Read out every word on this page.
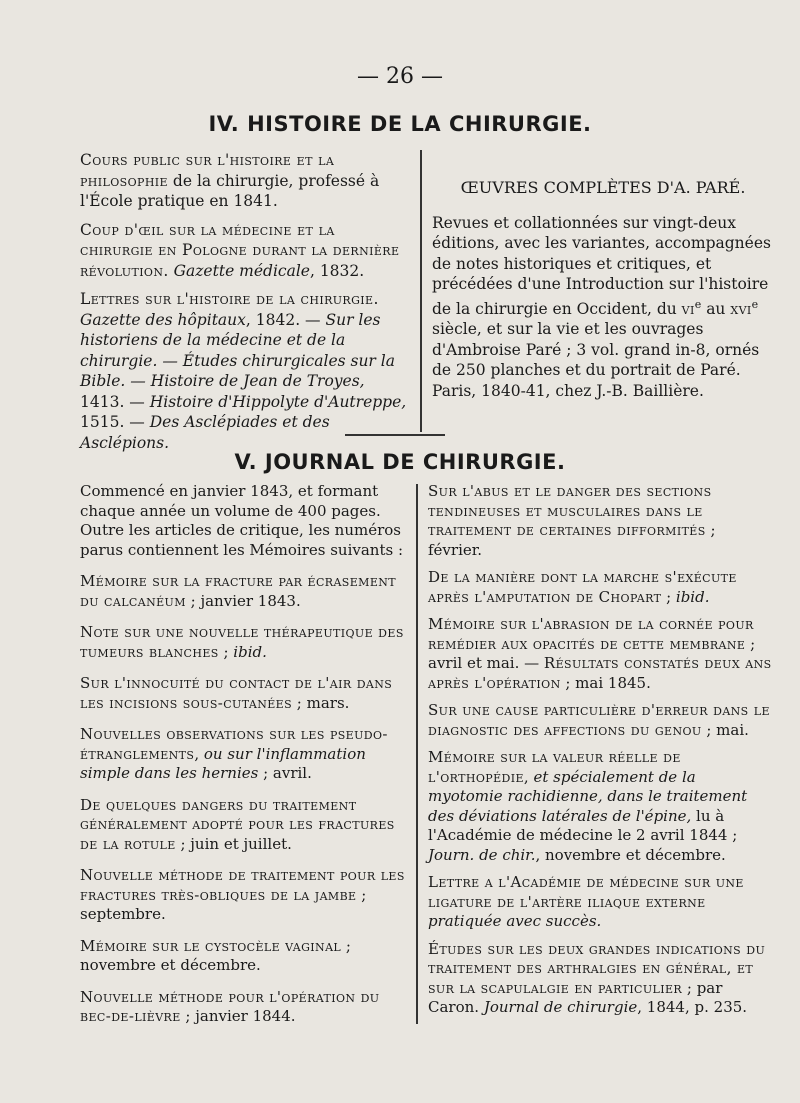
— 26 —
IV. HISTOIRE DE LA CHIRURGIE.

Cours public sur l'histoire et la philosophie de la chirurgie, professé à l'École pratique en 1841.

Coup d'œil sur la médecine et la chirurgie en Pologne durant la dernière révolution. Gazette médicale, 1832.

Lettres sur l'histoire de la chirurgie. Gazette des hôpitaux, 1842. — Sur les historiens de la médecine et de la chirurgie. — Études chirurgicales sur la Bible. — Histoire de Jean de Troyes, 1413. — Histoire d'Hippolyte d'Autreppe, 1515. — Des Asclépiades et des Asclépions.

ŒUVRES COMPLÈTES D'A. PARÉ.

Revues et collationnées sur vingt-deux éditions, avec les variantes, accompagnées de notes historiques et critiques, et précédées d'une Introduction sur l'histoire de la chirurgie en Occident, du $vi^e$ au xvi$^e$ siècle, et sur la vie et les ouvrages d'Ambroise Paré ; 3 vol. grand in-8, ornés de 250 planches et du portrait de Paré. Paris, 1840-41, chez J.-B. Baillière.

V. JOURNAL DE CHIRURGIE.

Commencé en janvier 1843, et formant chaque année un volume de 400 pages. Outre les articles de critique, les numéros parus contiennent les Mémoires suivants :

Mémoire sur la fracture par écrasement du calcanéum ; janvier 1843.

Note sur une nouvelle thérapeutique des tumeurs blanches ; ibid.

Sur l'innocuité du contact de l'air dans les incisions sous-cutanées ; mars.

Nouvelles observations sur les pseudo-étranglements, ou sur l'inflammation simple dans les hernies ; avril.

De quelques dangers du traitement généralement adopté pour les fractures de la rotule ; juin et juillet.

Nouvelle méthode de traitement pour les fractures très-obliques de la jambe ; septembre.

Mémoire sur le cystocèle vaginal ; novembre et décembre.

Nouvelle méthode pour l'opération du bec-de-lièvre ; janvier 1844.

Sur l'abus et le danger des sections tendineuses et musculaires dans le traitement de certaines difformités ; février.

De la manière dont la marche s'exécute après l'amputation de Chopart ; ibid.

Mémoire sur l'abrasion de la cornée pour remédier aux opacités de cette membrane ; avril et mai. — Résultats constatés deux ans après l'opération ; mai 1845.

Sur une cause particulière d'erreur dans le diagnostic des affections du genou ; mai.

Mémoire sur la valeur réelle de l'orthopédie, et spécialement de la myotomie rachidienne, dans le traitement des déviations latérales de l'épine, lu à l'Académie de médecine le 2 avril 1844 ; Journ. de chir., novembre et décembre.

Lettre a l'Académie de médecine sur une ligature de l'artère iliaque externe pratiquée avec succès.

Études sur les deux grandes indications du traitement des arthralgies en général, et sur la scapulalgie en particulier ; par Caron. Journal de chirurgie, 1844, p. 235.
